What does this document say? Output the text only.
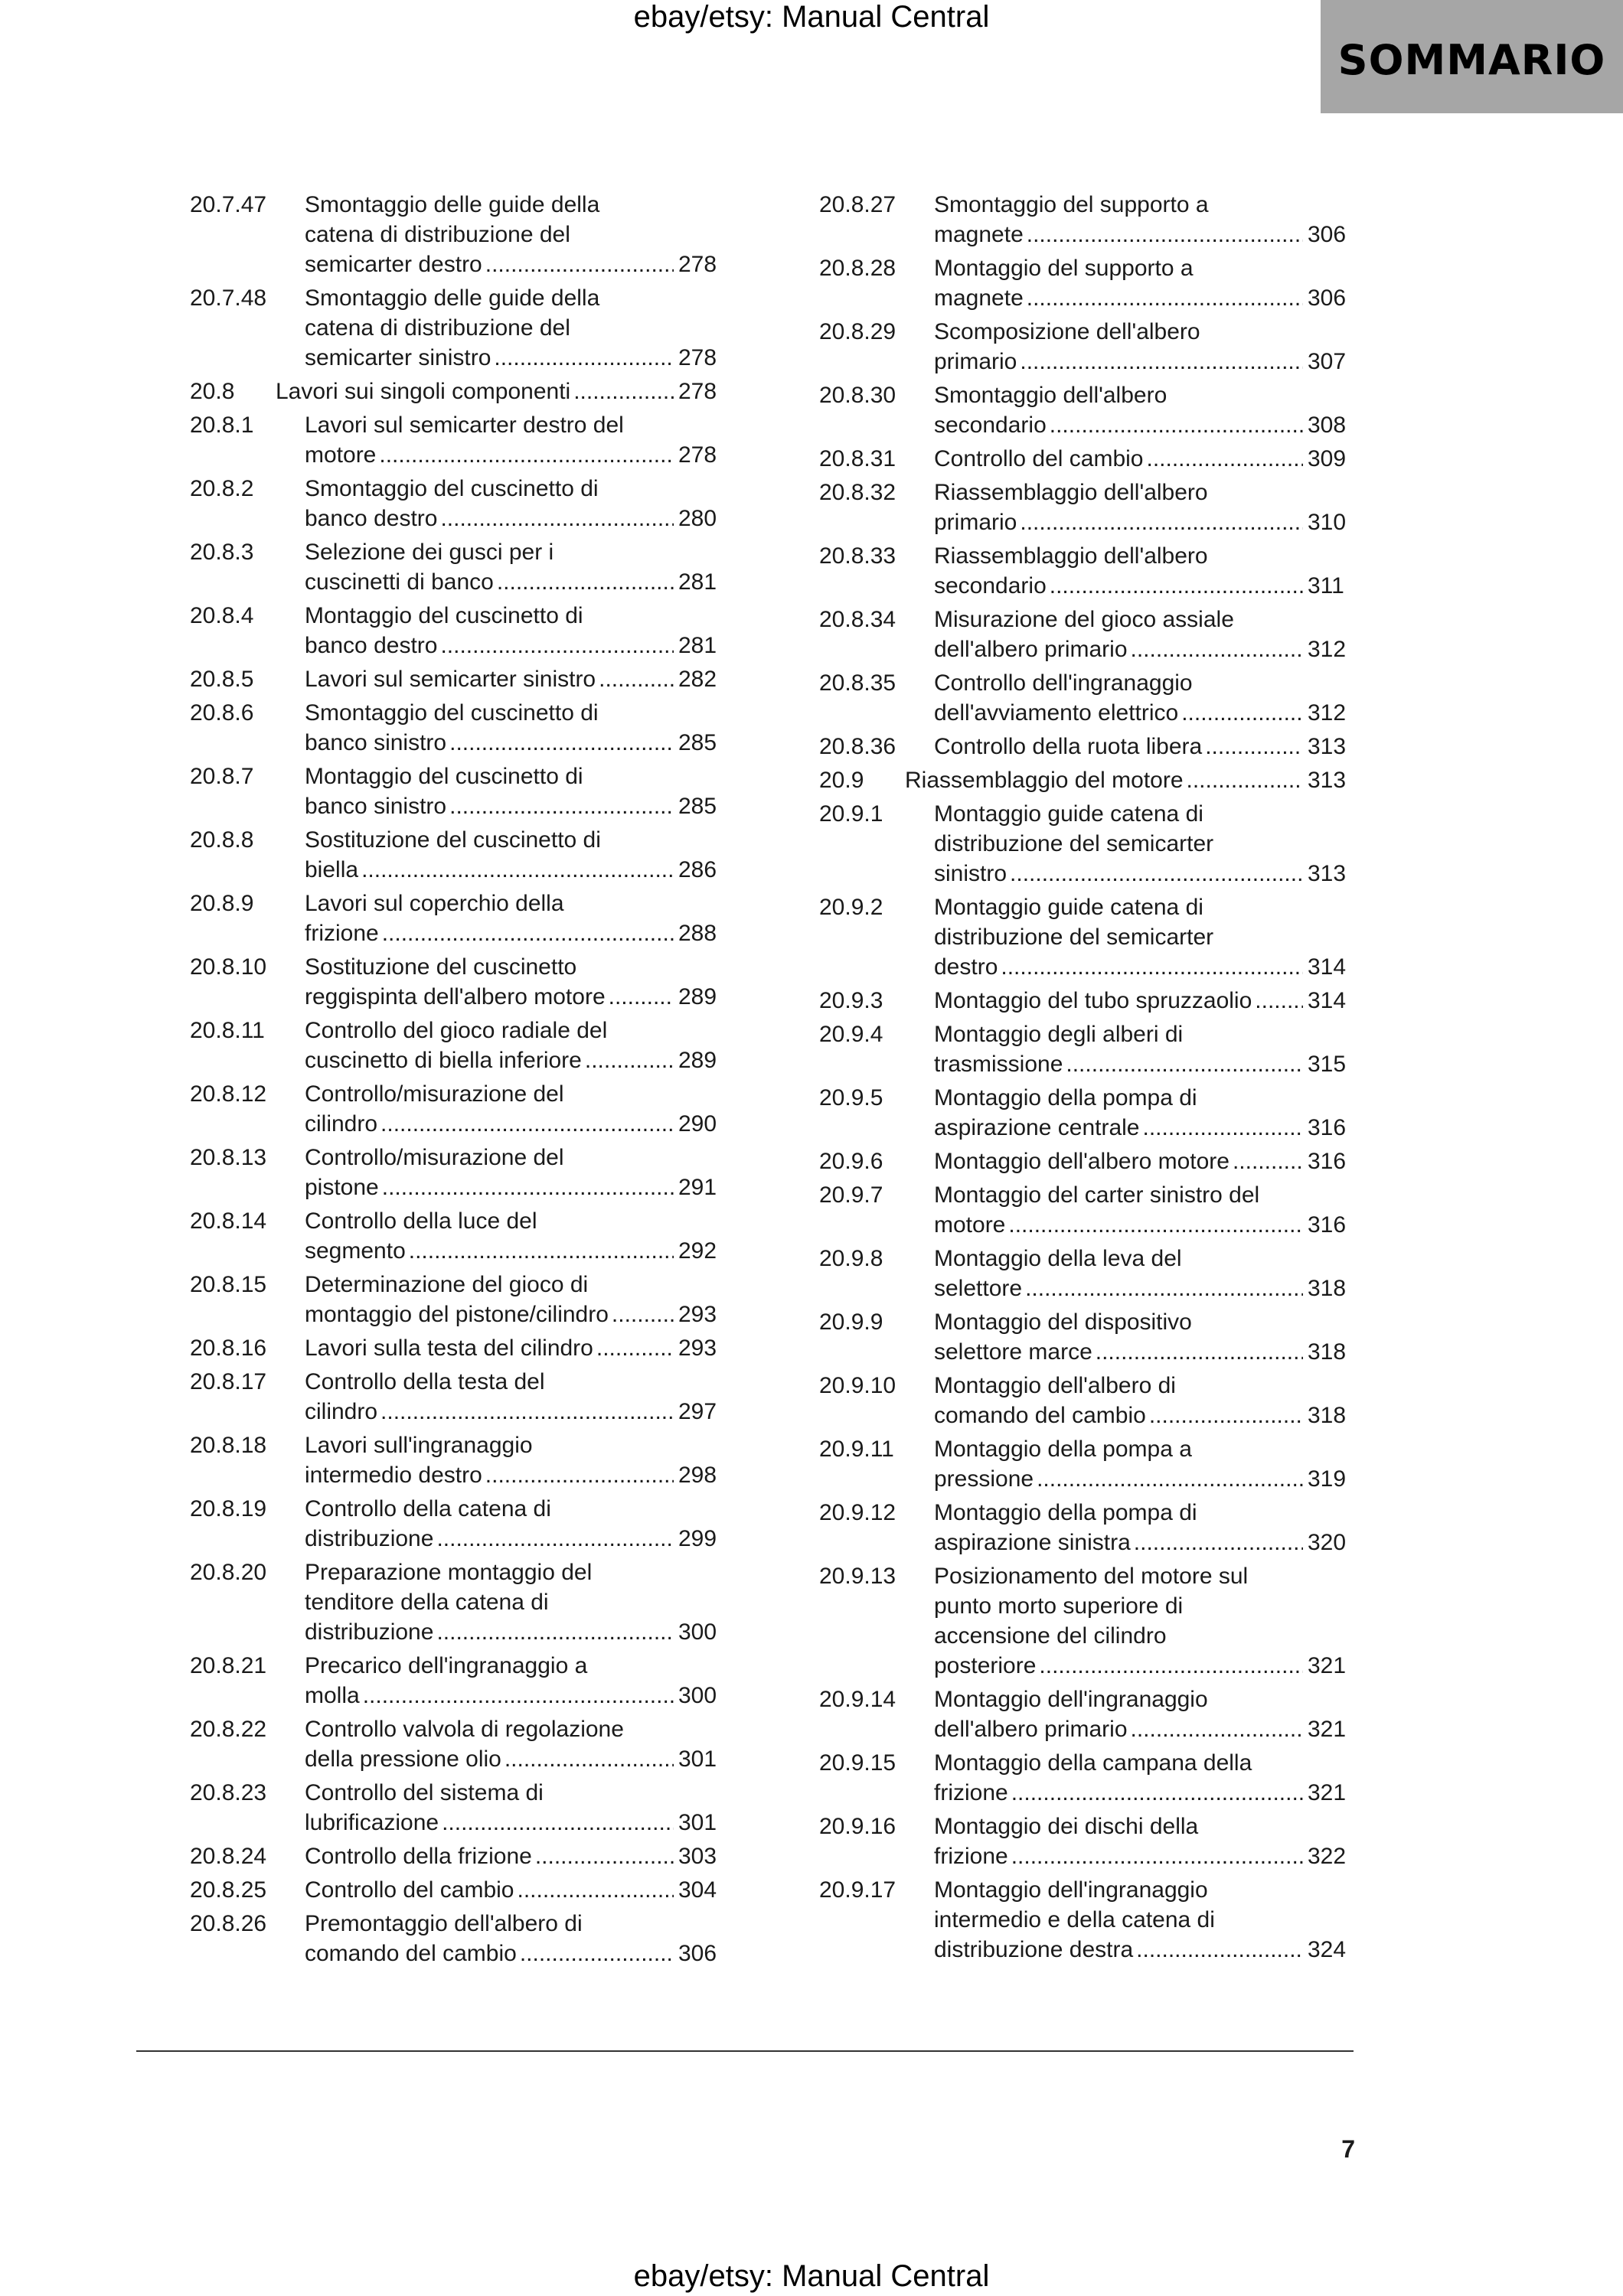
ebay/etsy: Manual Central
SOMMARIO
20.7.47	Smontaggio delle guide della
catena di distribuzione del
semicarter destro .....	278
20.7.48	Smontaggio delle guide della
catena di distribuzione del
semicarter sinistro .....	278
20.8	Lavori sui singoli componenti .....	278
20.8.1	Lavori sul semicarter destro del
motore .....	278
20.8.2	Smontaggio del cuscinetto di
banco destro .....	280
20.8.3	Selezione dei gusci per i
cuscinetti di banco .....	281
20.8.4	Montaggio del cuscinetto di
banco destro .....	281
20.8.5	Lavori sul semicarter sinistro .....	282
20.8.6	Smontaggio del cuscinetto di
banco sinistro .....	285
20.8.7	Montaggio del cuscinetto di
banco sinistro .....	285
20.8.8	Sostituzione del cuscinetto di
biella .....	286
20.8.9	Lavori sul coperchio della
frizione .....	288
20.8.10	Sostituzione del cuscinetto
reggispinta dell'albero motore .....	289
20.8.11	Controllo del gioco radiale del
cuscinetto di biella inferiore .....	289
20.8.12	Controllo/misurazione del
cilindro .....	290
20.8.13	Controllo/misurazione del
pistone .....	291
20.8.14	Controllo della luce del
segmento .....	292
20.8.15	Determinazione del gioco di
montaggio del pistone/cilindro .....	293
20.8.16	Lavori sulla testa del cilindro .....	293
20.8.17	Controllo della testa del
cilindro .....	297
20.8.18	Lavori sull'ingranaggio
intermedio destro .....	298
20.8.19	Controllo della catena di
distribuzione .....	299
20.8.20	Preparazione montaggio del
tenditore della catena di
distribuzione .....	300
20.8.21	Precarico dell'ingranaggio a
molla .....	300
20.8.22	Controllo valvola di regolazione
della pressione olio .....	301
20.8.23	Controllo del sistema di
lubrificazione .....	301
20.8.24	Controllo della frizione .....	303
20.8.25	Controllo del cambio .....	304
20.8.26	Premontaggio dell'albero di
comando del cambio .....	306
20.8.27	Smontaggio del supporto a
magnete .....	306
20.8.28	Montaggio del supporto a
magnete .....	306
20.8.29	Scomposizione dell'albero
primario .....	307
20.8.30	Smontaggio dell'albero
secondario .....	308
20.8.31	Controllo del cambio .....	309
20.8.32	Riassemblaggio dell'albero
primario .....	310
20.8.33	Riassemblaggio dell'albero
secondario .....	311
20.8.34	Misurazione del gioco assiale
dell'albero primario .....	312
20.8.35	Controllo dell'ingranaggio
dell'avviamento elettrico .....	312
20.8.36	Controllo della ruota libera .....	313
20.9	Riassemblaggio del motore .....	313
20.9.1	Montaggio guide catena di
distribuzione del semicarter
sinistro .....	313
20.9.2	Montaggio guide catena di
distribuzione del semicarter
destro .....	314
20.9.3	Montaggio del tubo spruzzaolio ..... 314
20.9.4	Montaggio degli alberi di
trasmissione .....	315
20.9.5	Montaggio della pompa di
aspirazione centrale .....	316
20.9.6	Montaggio dell'albero motore .....	316
20.9.7	Montaggio del carter sinistro del
motore .....	316
20.9.8	Montaggio della leva del
selettore .....	318
20.9.9	Montaggio del dispositivo
selettore marce .....	318
20.9.10	Montaggio dell'albero di
comando del cambio .....	318
20.9.11	Montaggio della pompa a
pressione .....	319
20.9.12	Montaggio della pompa di
aspirazione sinistra .....	320
20.9.13	Posizionamento del motore sul
punto morto superiore di
accensione del cilindro
posteriore .....	321
20.9.14	Montaggio dell'ingranaggio
dell'albero primario .....	321
20.9.15	Montaggio della campana della
frizione .....	321
20.9.16	Montaggio dei dischi della
frizione .....	322
20.9.17	Montaggio dell'ingranaggio
intermedio e della catena di
distribuzione destra .....	324
7
ebay/etsy: Manual Central
